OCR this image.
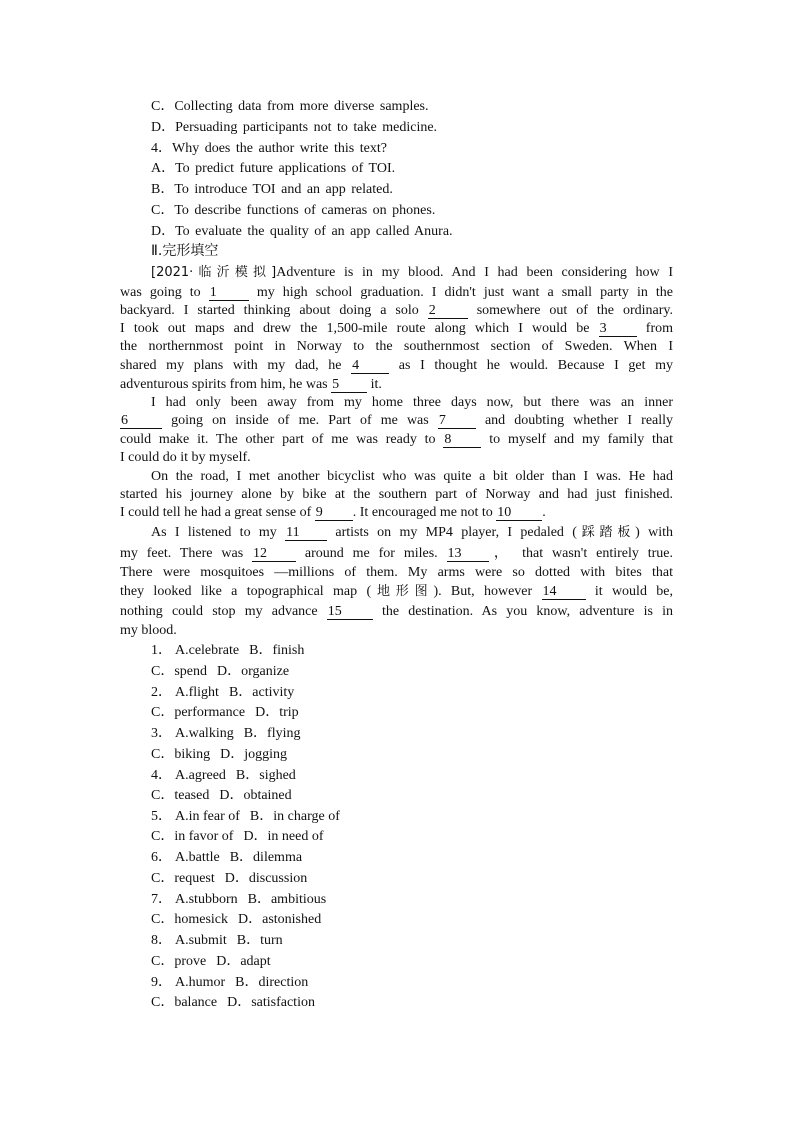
C．Collecting data from more diverse samples.
D．Persuading participants not to take medicine.
4．Why does the author write this text?
A．To predict future applications of TOI.
B．To introduce TOI and an app related.
C．To describe functions of cameras on phones.
D．To evaluate the quality of an app called Anura.
Ⅱ.完形填空
[2021·临沂模拟]Adventure is in my blood. And I had been considering how I
was going to 1	my high school graduation. I didn't just want a small party in the
backyard. I started thinking about doing a solo 2	somewhere out of the ordinary.
I took out maps and drew the 1,500-mile route along which I would be 3	from
the northernmost point in Norway to the southernmost section of Sweden. When I
shared my plans with my dad, he 4	as I thought he would. Because I get my
adventurous spirits from him, he was 5 it.
I had only been away from my home three days now, but there was an inner
6	going on inside of me. Part of me was 7	and doubting whether I really
could make it. The other part of me was ready to 8	to myself and my family that
I could do it by myself.
On the road, I met another bicyclist who was quite a bit older than I was. He had
started his journey alone by bike at the southern part of Norway and had just finished.
I could tell he had a great sense of 9 . It encouraged me not to 10 .
As I listened to my 11	artists on my MP4 player, I pedaled (踩踏板) with
my feet. There was 12	around me for miles. 13 ， that wasn't entirely true.
There were mosquitoes —millions of them. My arms were so dotted with bites that
they looked like a topographical map (地形图). But, however 14	it would be,
nothing could stop my advance 15	the destination. As you know, adventure is in
my blood.
1． A.celebrate B．finish
C．spend D．organize
2． A.flight B．activity
C．performance D．trip
3． A.walking B．flying
C．biking D．jogging
4． A.agreed B．sighed
C．teased D．obtained
5． A.in fear of B．in charge of
C．in favor of D．in need of
6． A.battle B．dilemma
C．request D．discussion
7． A.stubborn B．ambitious
C．homesick D．astonished
8． A.submit B．turn
C．prove D．adapt
9． A.humor B．direction
C．balance D．satisfaction
